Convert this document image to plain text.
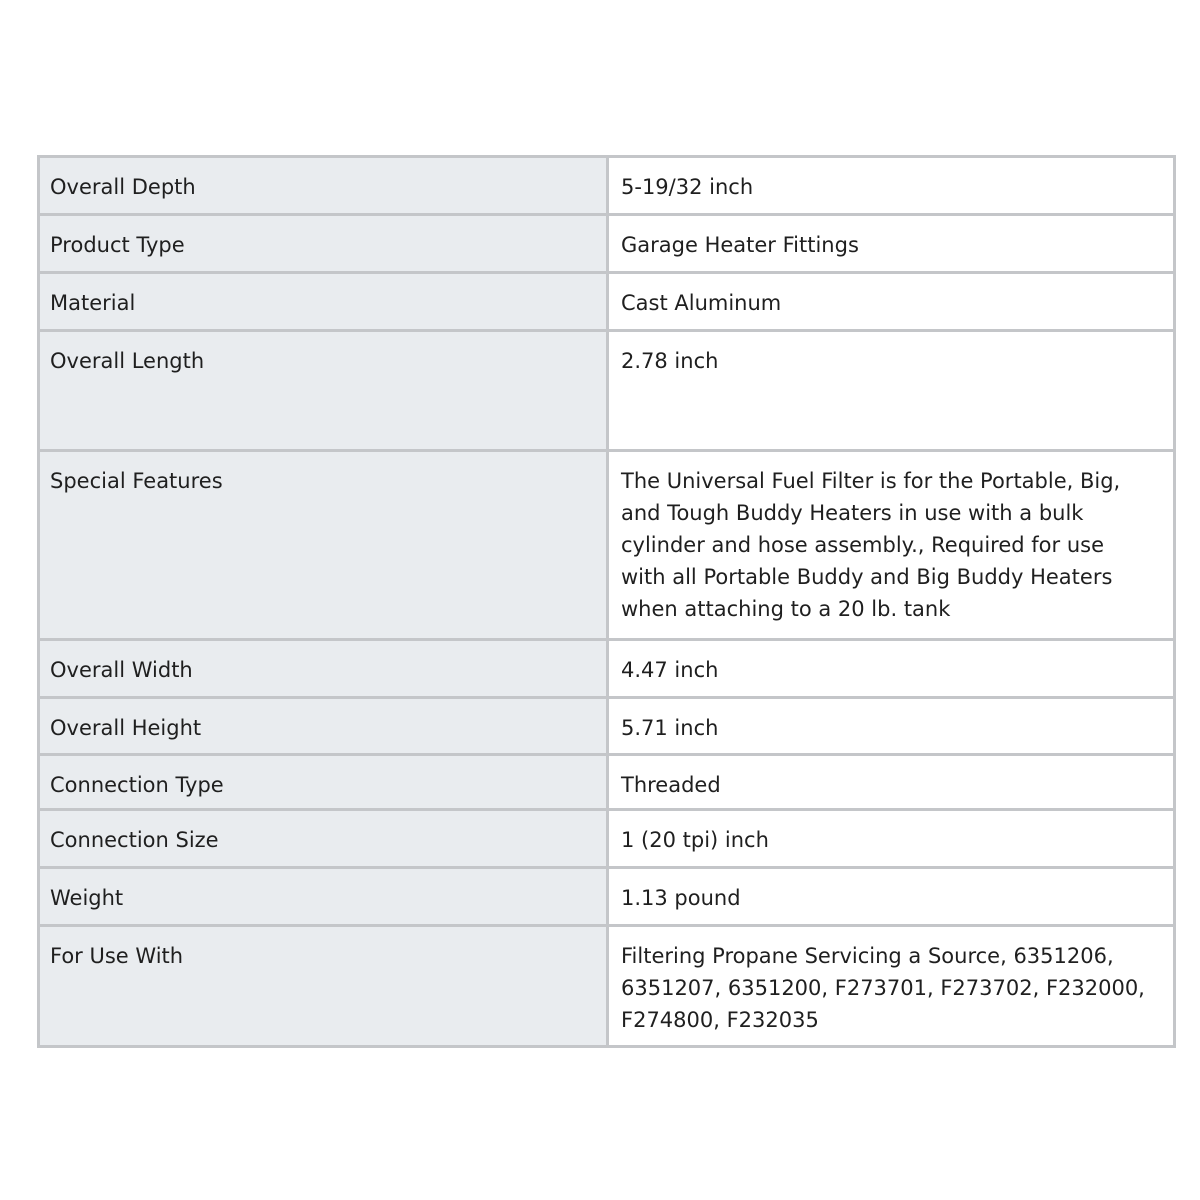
Overall Depth	5-19/32 inch
Product Type	Garage Heater Fittings
Material	Cast Aluminum
Overall Length	2.78 inch
Special Features	The Universal Fuel Filter is for the Portable, Big, and Tough Buddy Heaters in use with a bulk cylinder and hose assembly., Required for use with all Portable Buddy and Big Buddy Heaters when attaching to a 20 lb. tank
Overall Width	4.47 inch
Overall Height	5.71 inch
Connection Type	Threaded
Connection Size	1 (20 tpi) inch
Weight	1.13 pound
For Use With	Filtering Propane Servicing a Source, 6351206, 6351207, 6351200, F273701, F273702, F232000, F274800, F232035
